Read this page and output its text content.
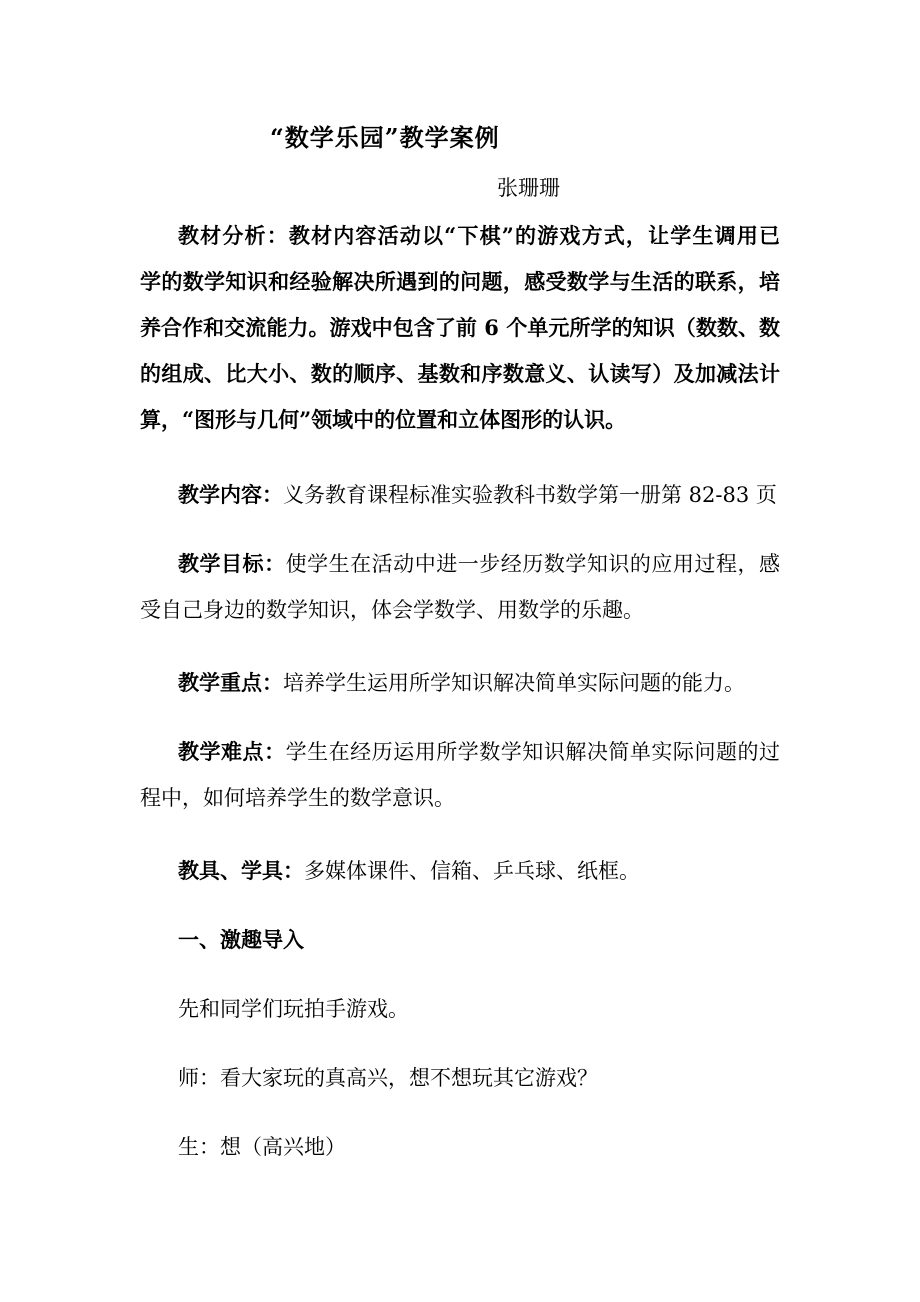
“数学乐园”教学案例
张珊珊
教材分析：教材内容活动以“下棋”的游戏方式，让学生调用已
学的数学知识和经验解决所遇到的问题，感受数学与生活的联系，培
养合作和交流能力。游戏中包含了前 6 个单元所学的知识（数数、数
的组成、比大小、数的顺序、基数和序数意义、认读写）及加减法计
算，“图形与几何”领域中的位置和立体图形的认识。
教学内容：义务教育课程标准实验教科书数学第一册第 82-83 页
教学目标：使学生在活动中进一步经历数学知识的应用过程，感
受自己身边的数学知识，体会学数学、用数学的乐趣。
教学重点：培养学生运用所学知识解决简单实际问题的能力。
教学难点：学生在经历运用所学数学知识解决简单实际问题的过
程中，如何培养学生的数学意识。
教具、学具：多媒体课件、信箱、乒乓球、纸框。
一、激趣导入
先和同学们玩拍手游戏。
师：看大家玩的真高兴，想不想玩其它游戏？
生：想（高兴地）
